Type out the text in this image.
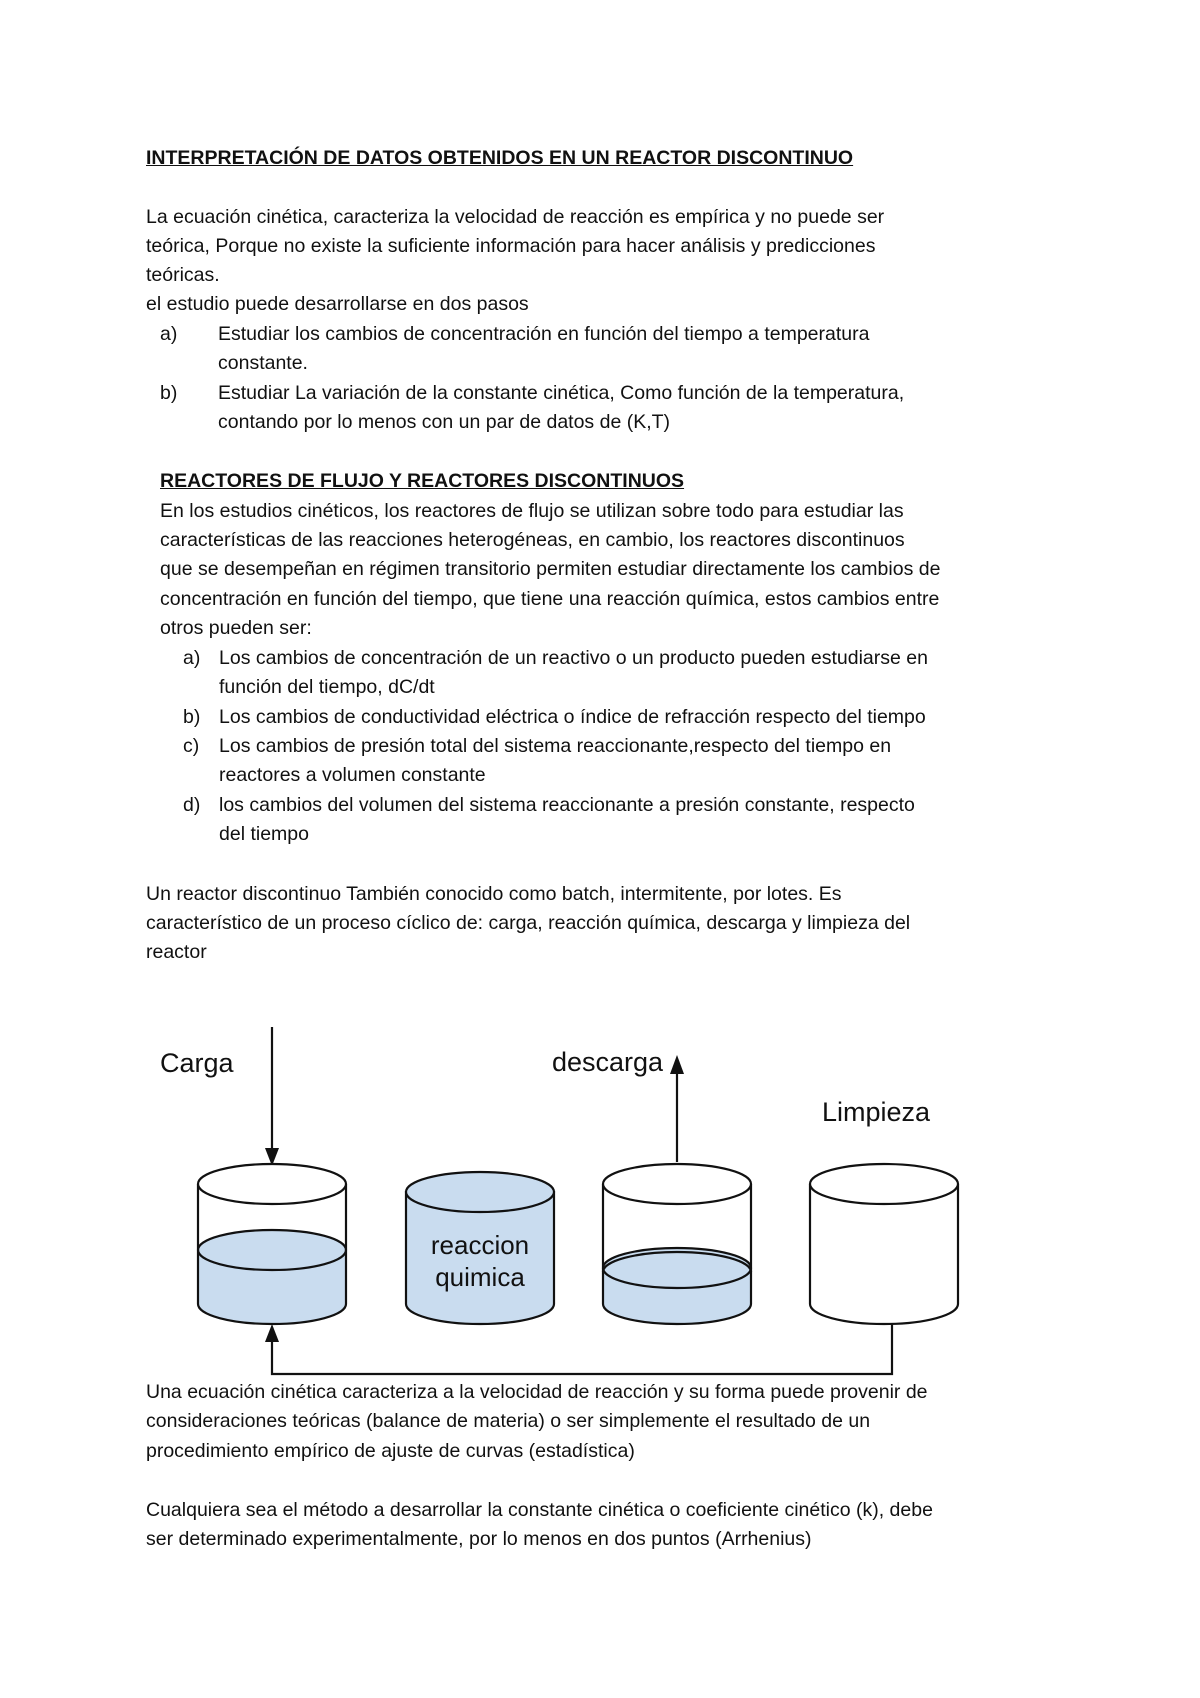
INTERPRETACIÓN DE DATOS OBTENIDOS EN UN REACTOR DISCONTINUO
La ecuación cinética, caracteriza la velocidad de reacción es empírica y no puede ser
teórica, Porque no existe la suficiente información para hacer análisis y predicciones
teóricas.
el estudio puede desarrollarse en dos pasos
a) Estudiar los cambios de concentración en función del tiempo a temperatura
constante.
b) Estudiar La variación de la constante cinética, Como función de la temperatura,
contando por lo menos con un par de datos de (K,T)
REACTORES DE FLUJO Y REACTORES DISCONTINUOS
En los estudios cinéticos, los reactores de flujo se utilizan sobre todo para estudiar las
características de las reacciones heterogéneas, en cambio, los reactores discontinuos
que se desempeñan en régimen transitorio permiten estudiar directamente los cambios de
concentración en función del tiempo, que tiene una reacción química, estos cambios entre
otros pueden ser:
a) Los cambios de concentración de un reactivo o un producto pueden estudiarse en
función del tiempo, dC/dt
b) Los cambios de conductividad eléctrica o índice de refracción respecto del tiempo
c) Los cambios de presión total del sistema reaccionante,respecto del tiempo en
reactores a volumen constante
d) los cambios del volumen del sistema reaccionante a presión constante, respecto
del tiempo
Un reactor discontinuo También conocido como batch, intermitente, por lotes. Es
característico de un proceso cíclico de: carga, reacción química, descarga y limpieza del
reactor
Carga	descarga
Limpieza
reaccion
quimica
Una ecuación cinética caracteriza a la velocidad de reacción y su forma puede provenir de
consideraciones teóricas (balance de materia) o ser simplemente el resultado de un
procedimiento empírico de ajuste de curvas (estadística)
Cualquiera sea el método a desarrollar la constante cinética o coeficiente cinético (k), debe
ser determinado experimentalmente, por lo menos en dos puntos (Arrhenius)
